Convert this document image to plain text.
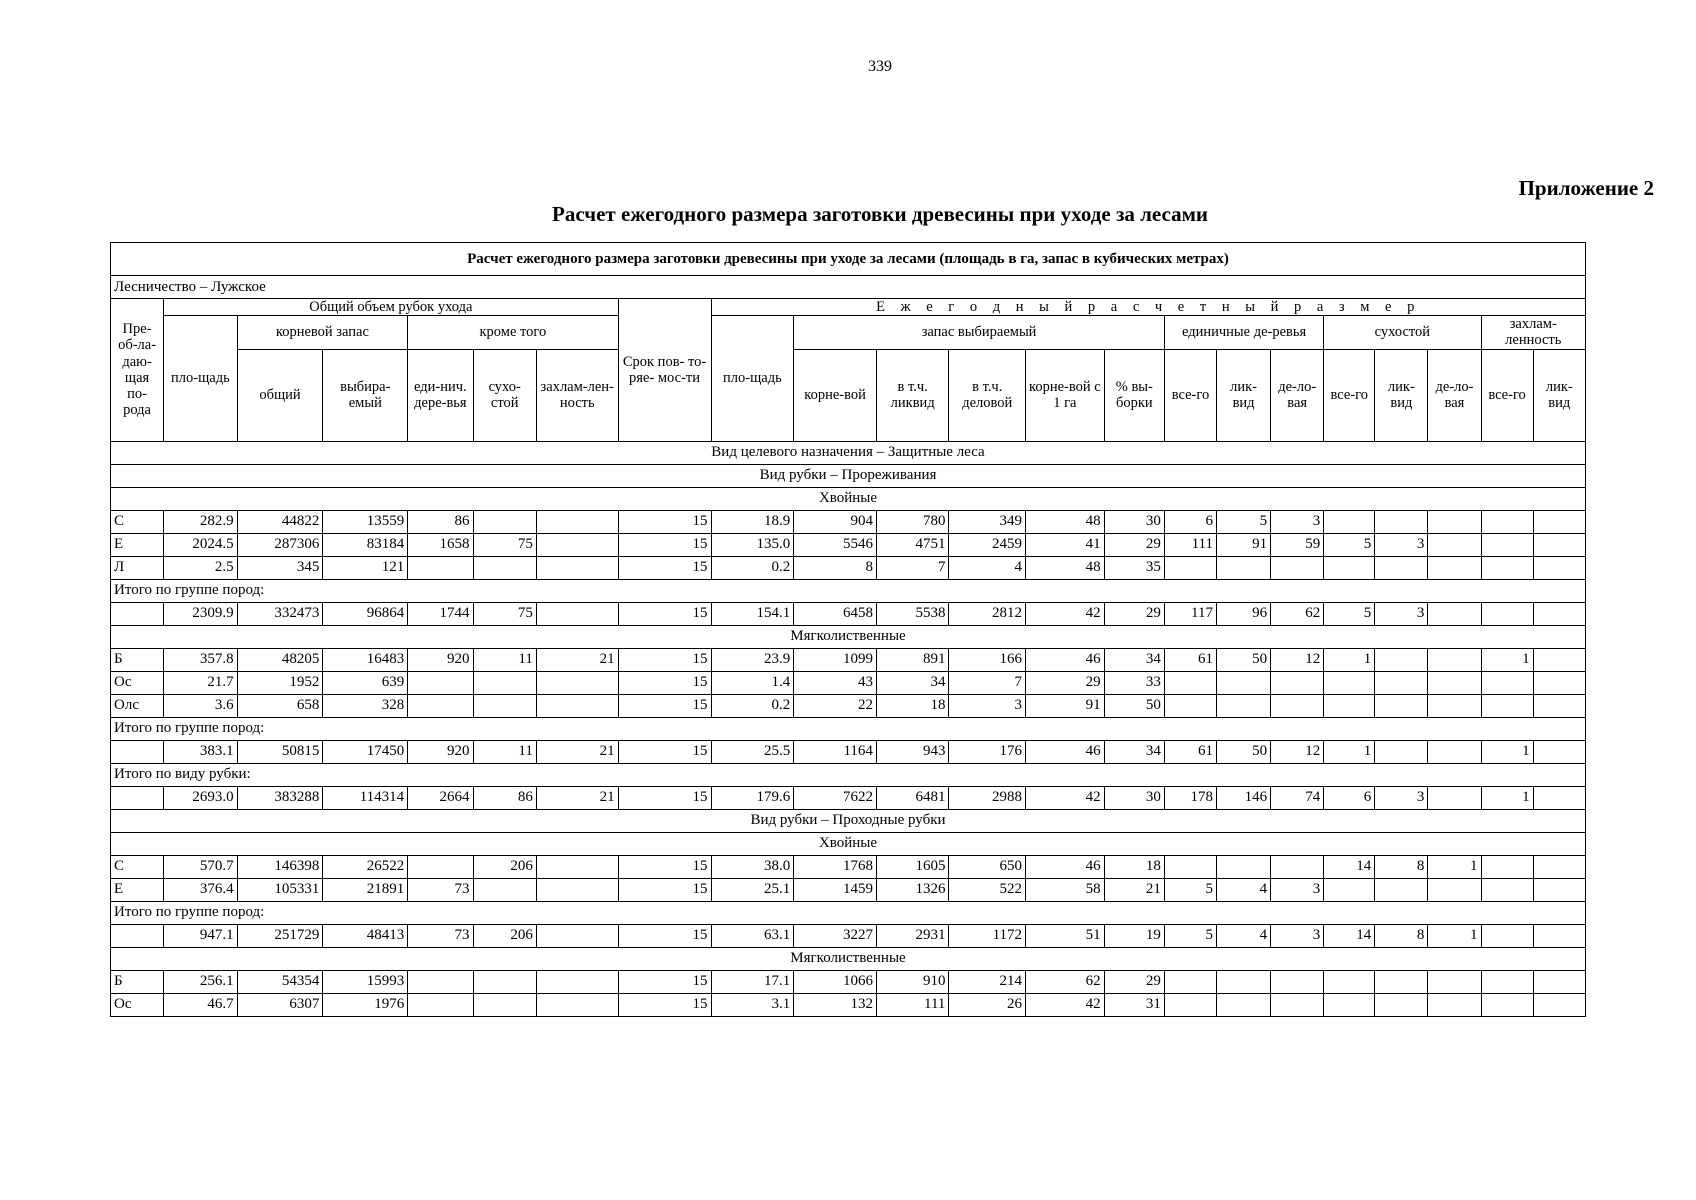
339
Приложение 2
Расчет ежегодного размера заготовки древесины при уходе за лесами
Расчет ежегодного размера заготовки древесины при уходе за лесами (площадь в га, запас в кубических метрах)																					
Лесничество – Лужское																					
Пре-об-ла-даю-щая по-рода	Общий объем рубок ухода						Срок пов- то-ряе- мос-ти	Е ж е г о д н ы й р а с ч е т н ы й р а з м е р													
	пло-щадь	корневой запас		кроме того				пло-щадь	запас выбираемый					единичные де-ревья			сухостой			захлам-ленность	
		общий	выбира-емый	еди-нич. дере-вья	сухо-стой	захлам-лен-ность			корне-вой	в т.ч. ликвид	в т.ч. деловой	корне-вой с 1 га	% вы-борки	все-го	лик-вид	де-ло-вая	все-го	лик-вид	де-ло-вая	все-го	лик-вид
Вид целевого назначения – Защитные леса																					
Вид рубки – Прореживания																					
Хвойные																					
С	282.9	44822	13559	86			15	18.9	904	780	349	48	30	6	5	3					
Е	2024.5	287306	83184	1658	75		15	135.0	5546	4751	2459	41	29	111	91	59	5	3			
Л	2.5	345	121				15	0.2	8	7	4	48	35								
Итого по группе пород:																					
	2309.9	332473	96864	1744	75		15	154.1	6458	5538	2812	42	29	117	96	62	5	3			
Мягколиственные																					
Б	357.8	48205	16483	920	11	21	15	23.9	1099	891	166	46	34	61	50	12	1			1	
Ос	21.7	1952	639				15	1.4	43	34	7	29	33								
Олс	3.6	658	328				15	0.2	22	18	3	91	50								
Итого по группе пород:																					
	383.1	50815	17450	920	11	21	15	25.5	1164	943	176	46	34	61	50	12	1			1	
Итого по виду рубки:																					
	2693.0	383288	114314	2664	86	21	15	179.6	7622	6481	2988	42	30	178	146	74	6	3		1	
Вид рубки – Проходные рубки																					
Хвойные																					
С	570.7	146398	26522		206		15	38.0	1768	1605	650	46	18				14	8	1		
Е	376.4	105331	21891	73			15	25.1	1459	1326	522	58	21	5	4	3					
Итого по группе пород:																					
	947.1	251729	48413	73	206		15	63.1	3227	2931	1172	51	19	5	4	3	14	8	1		
Мягколиственные																					
Б	256.1	54354	15993				15	17.1	1066	910	214	62	29								
Ос	46.7	6307	1976				15	3.1	132	111	26	42	31								
